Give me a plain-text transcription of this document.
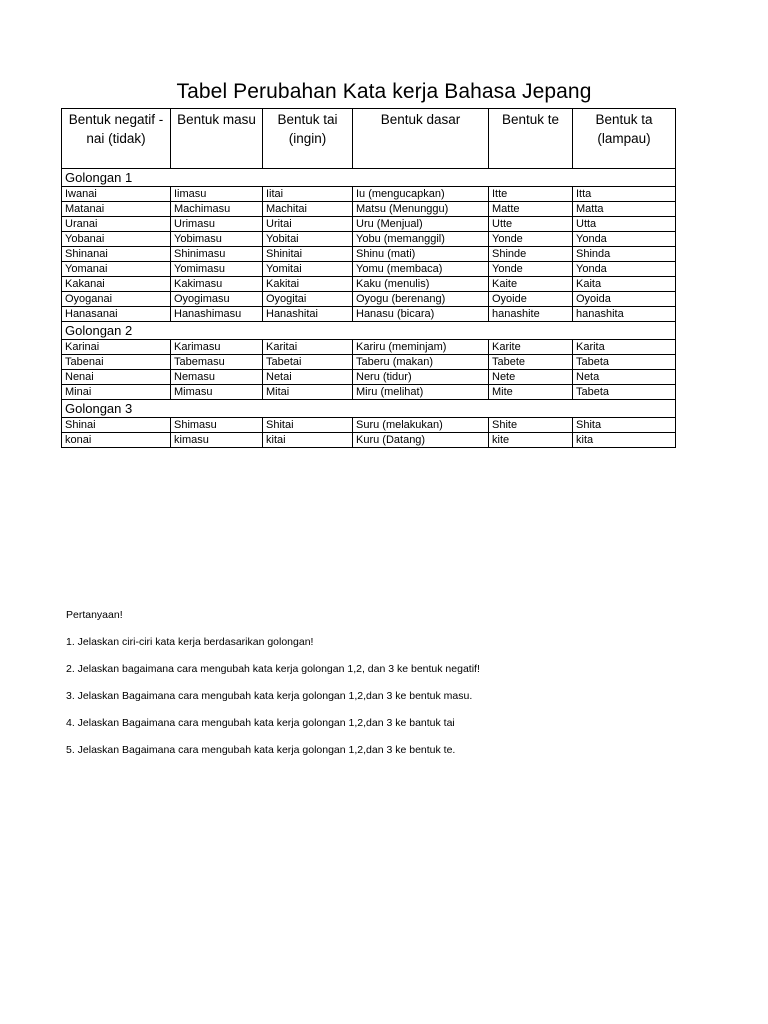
Tabel Perubahan Kata kerja Bahasa Jepang
Bentuk negatif -nai (tidak)	Bentuk masu	Bentuk tai (ingin)	Bentuk dasar	Bentuk te	Bentuk ta (lampau)
Golongan 1					
Iwanai	Iimasu	Iitai	Iu (mengucapkan)	Itte	Itta
Matanai	Machimasu	Machitai	Matsu (Menunggu)	Matte	Matta
Uranai	Urimasu	Uritai	Uru (Menjual)	Utte	Utta
Yobanai	Yobimasu	Yobitai	Yobu (memanggil)	Yonde	Yonda
Shinanai	Shinimasu	Shinitai	Shinu (mati)	Shinde	Shinda
Yomanai	Yomimasu	Yomitai	Yomu (membaca)	Yonde	Yonda
Kakanai	Kakimasu	Kakitai	Kaku (menulis)	Kaite	Kaita
Oyoganai	Oyogimasu	Oyogitai	Oyogu (berenang)	Oyoide	Oyoida
Hanasanai	Hanashimasu	Hanashitai	Hanasu (bicara)	hanashite	hanashita
Golongan 2					
Karinai	Karimasu	Karitai	Kariru (meminjam)	Karite	Karita
Tabenai	Tabemasu	Tabetai	Taberu (makan)	Tabete	Tabeta
Nenai	Nemasu	Netai	Neru (tidur)	Nete	Neta
Minai	Mimasu	Mitai	Miru (melihat)	Mite	Tabeta
Golongan 3					
Shinai	Shimasu	Shitai	Suru (melakukan)	Shite	Shita
konai	kimasu	kitai	Kuru (Datang)	kite	kita

Pertanyaan!

1. Jelaskan ciri-ciri kata kerja berdasarikan golongan!

2. Jelaskan bagaimana cara mengubah kata kerja golongan 1,2, dan 3 ke bentuk negatif!

3. Jelaskan Bagaimana cara mengubah kata kerja golongan 1,2,dan 3 ke bentuk masu.

4. Jelaskan Bagaimana cara mengubah kata kerja golongan 1,2,dan 3 ke bantuk tai

5. Jelaskan Bagaimana cara mengubah kata kerja golongan 1,2,dan 3 ke bentuk te.
